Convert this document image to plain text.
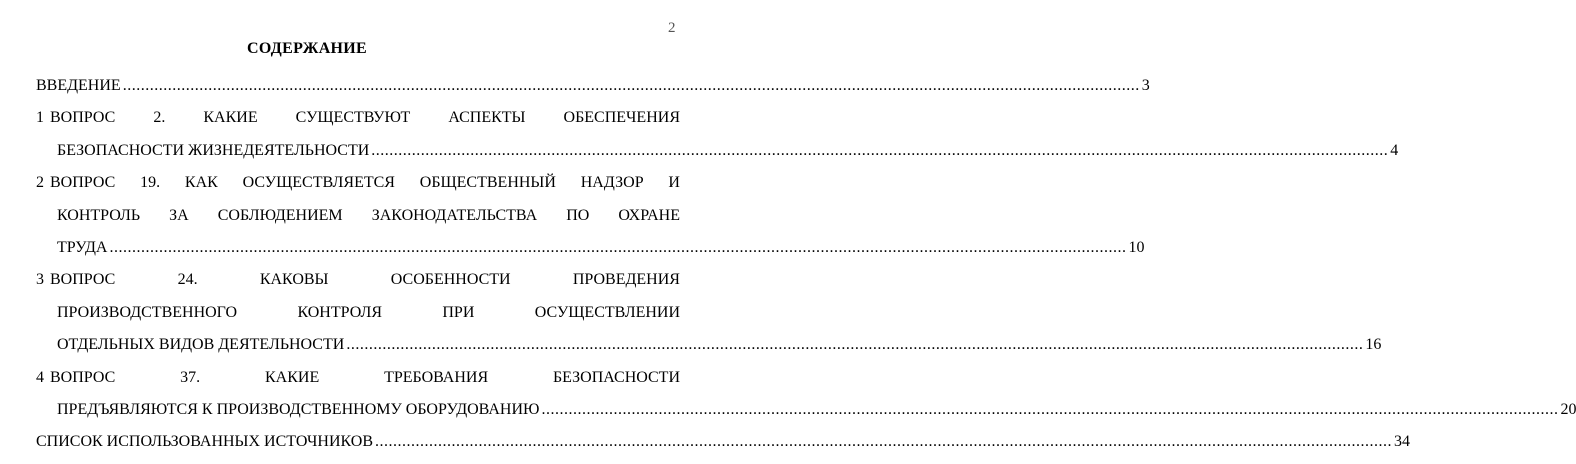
2
СОДЕРЖАНИЕ
ВВЕДЕНИЕ .................................................................................................................................................................................................................................. 3
1 ВОПРОС 2. КАКИЕ СУЩЕСТВУЮТ АСПЕКТЫ ОБЕСПЕЧЕНИЯ
БЕЗОПАСНОСТИ ЖИЗНЕДЕЯТЕЛЬНОСТИ .................................................................................................................................................................................................................................. 4
2 ВОПРОС 19. КАК ОСУЩЕСТВЛЯЕТСЯ ОБЩЕСТВЕННЫЙ НАДЗОР И
КОНТРОЛЬ ЗА СОБЛЮДЕНИЕМ ЗАКОНОДАТЕЛЬСТВА ПО ОХРАНЕ
ТРУДА .................................................................................................................................................................................................................................. 10
3 ВОПРОС	24.	КАКОВЫ	ОСОБЕННОСТИ	ПРОВЕДЕНИЯ
ПРОИЗВОДСТВЕННОГО	КОНТРОЛЯ	ПРИ	ОСУЩЕСТВЛЕНИИ
ОТДЕЛЬНЫХ ВИДОВ ДЕЯТЕЛЬНОСТИ .................................................................................................................................................................................................................................. 16
4 ВОПРОС	37.	КАКИЕ	ТРЕБОВАНИЯ	БЕЗОПАСНОСТИ
ПРЕДЪЯВЛЯЮТСЯ К ПРОИЗВОДСТВЕННОМУ ОБОРУДОВАНИЮ .................................................................................................................................................................................................................................. 20
СПИСОК ИСПОЛЬЗОВАННЫХ ИСТОЧНИКОВ .................................................................................................................................................................................................................................. 34
